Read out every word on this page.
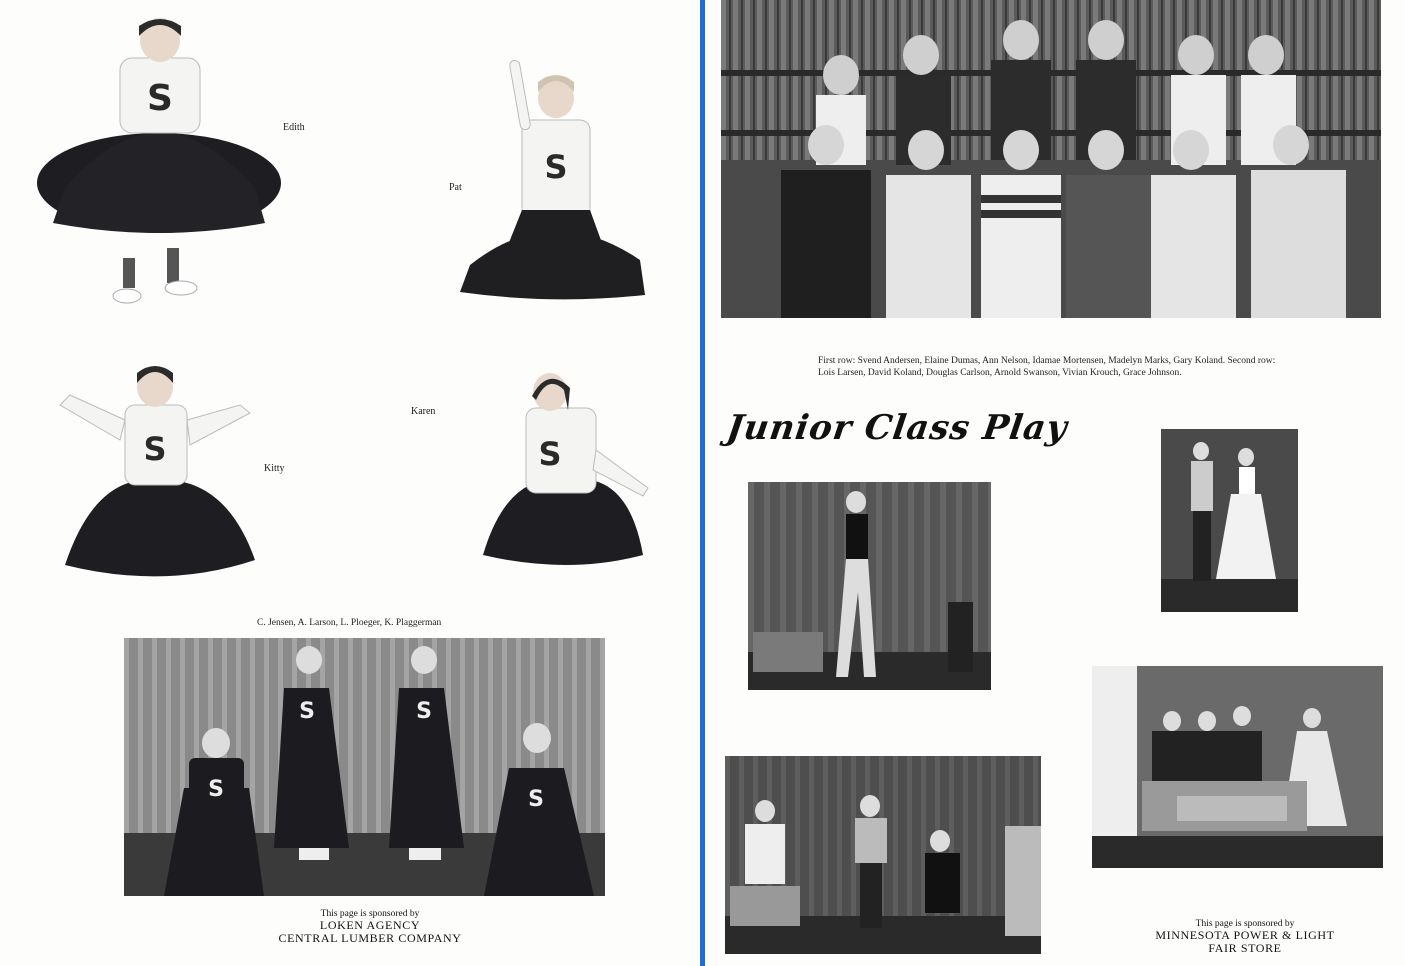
S
Edith
S
Pat
S
Kitty	S
Karen
C. Jensen, A. Larson, L. Ploeger, K. Plaggerman
S
S	S
S
This page is sponsored by
LOKEN AGENCY
CENTRAL LUMBER COMPANY
First row: Svend Andersen, Elaine Dumas, Ann Nelson, Idamae Mortensen, Madelyn Marks, Gary Koland. Second row: Lois Larsen, David Koland, Douglas Carlson, Arnold Swanson, Vivian Krouch, Grace Johnson.
Junior Class Play
This page is sponsored by
MINNESOTA POWER & LIGHT
FAIR STORE
